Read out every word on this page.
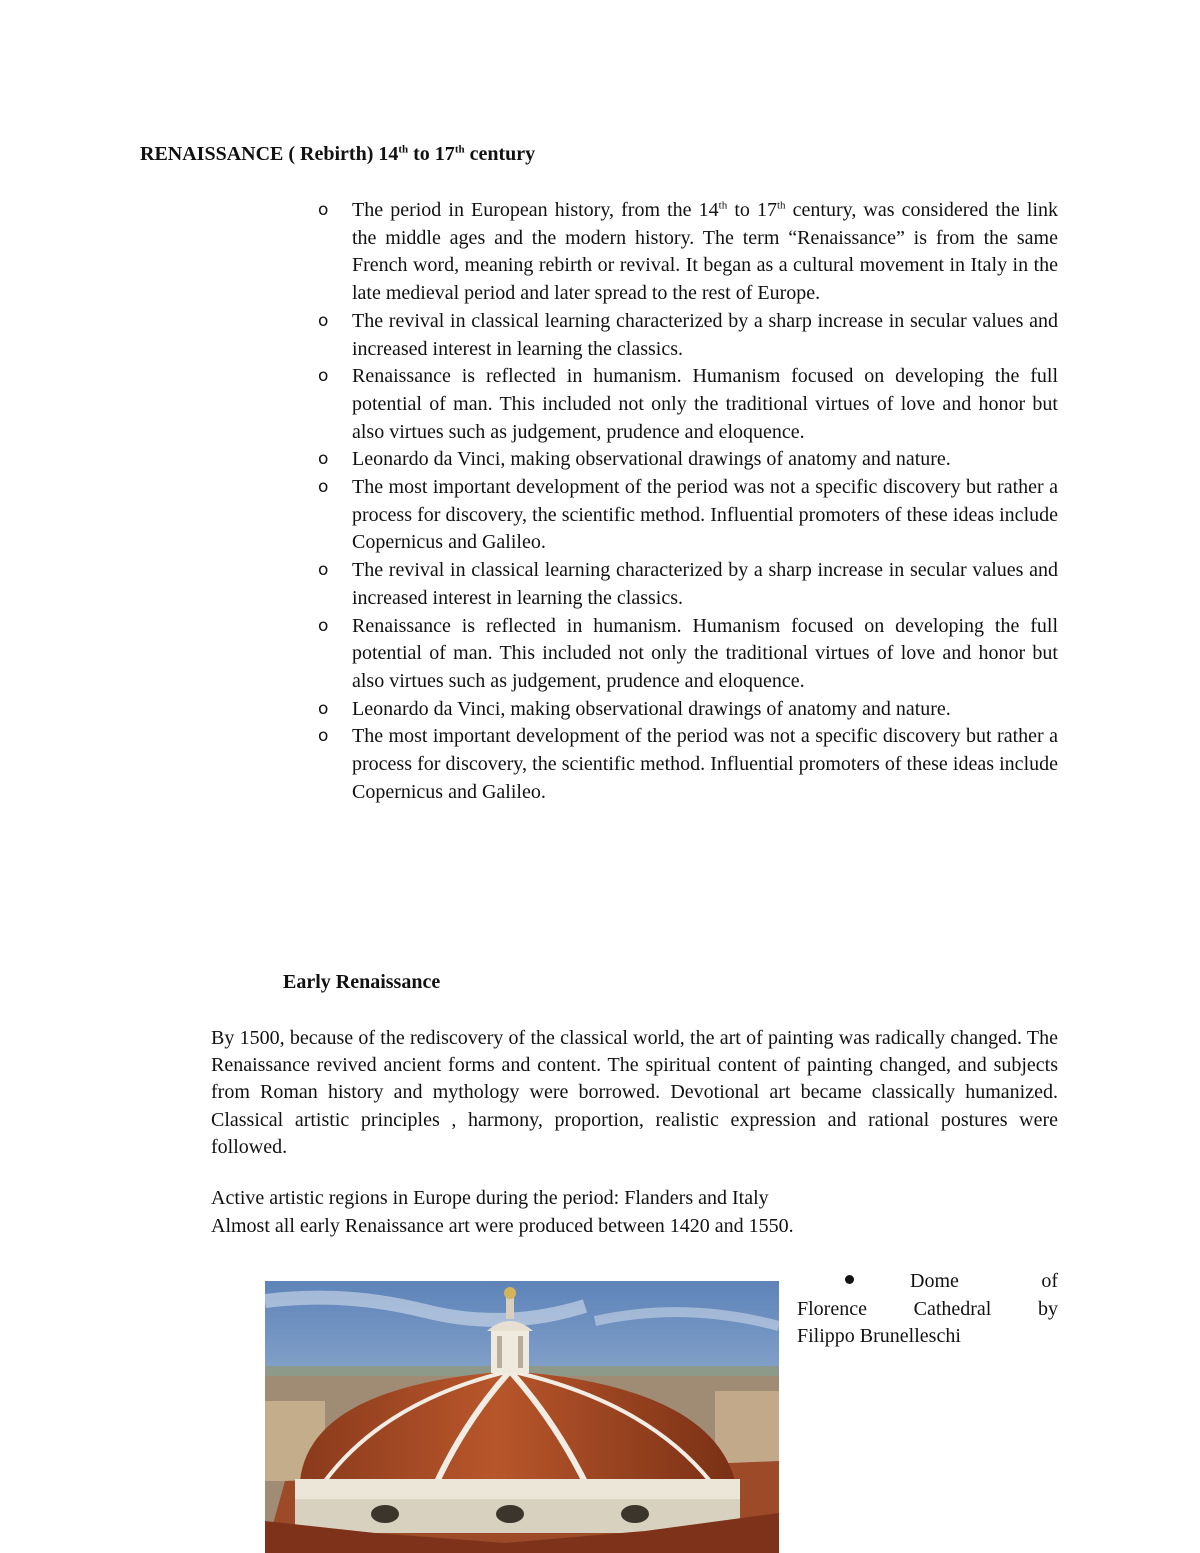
RENAISSANCE ( Rebirth) 14th to 17th century
o The period in European history, from the 14th to 17th century, was considered the link the middle ages and the modern history. The term “Renaissance” is from the same French word, meaning rebirth or revival. It began as a cultural movement in Italy in the late medieval period and later spread to the rest of Europe.
o The revival in classical learning characterized by a sharp increase in secular values and increased interest in learning the classics.
o Renaissance is reflected in humanism. Humanism focused on developing the full potential of man. This included not only the traditional virtues of love and honor but also virtues such as judgement, prudence and eloquence.
o Leonardo da Vinci, making observational drawings of anatomy and nature.
o The most important development of the period was not a specific discovery but rather a process for discovery, the scientific method. Influential promoters of these ideas include Copernicus and Galileo.
o The revival in classical learning characterized by a sharp increase in secular values and increased interest in learning the classics.
o Renaissance is reflected in humanism. Humanism focused on developing the full potential of man. This included not only the traditional virtues of love and honor but also virtues such as judgement, prudence and eloquence.
o Leonardo da Vinci, making observational drawings of anatomy and nature.
o The most important development of the period was not a specific discovery but rather a process for discovery, the scientific method. Influential promoters of these ideas include Copernicus and Galileo.
Early Renaissance

By 1500, because of the rediscovery of the classical world, the art of painting was radically changed. The Renaissance revived ancient forms and content. The spiritual content of painting changed, and subjects from Roman history and mythology were borrowed. Devotional art became classically humanized. Classical artistic principles , harmony, proportion, realistic expression and rational postures were followed.

Active artistic regions in Europe during the period: Flanders and Italy
Almost all early Renaissance art were produced between 1420 and 1550.
Dome	of
Florence Cathedral by
Filippo Brunelleschi
